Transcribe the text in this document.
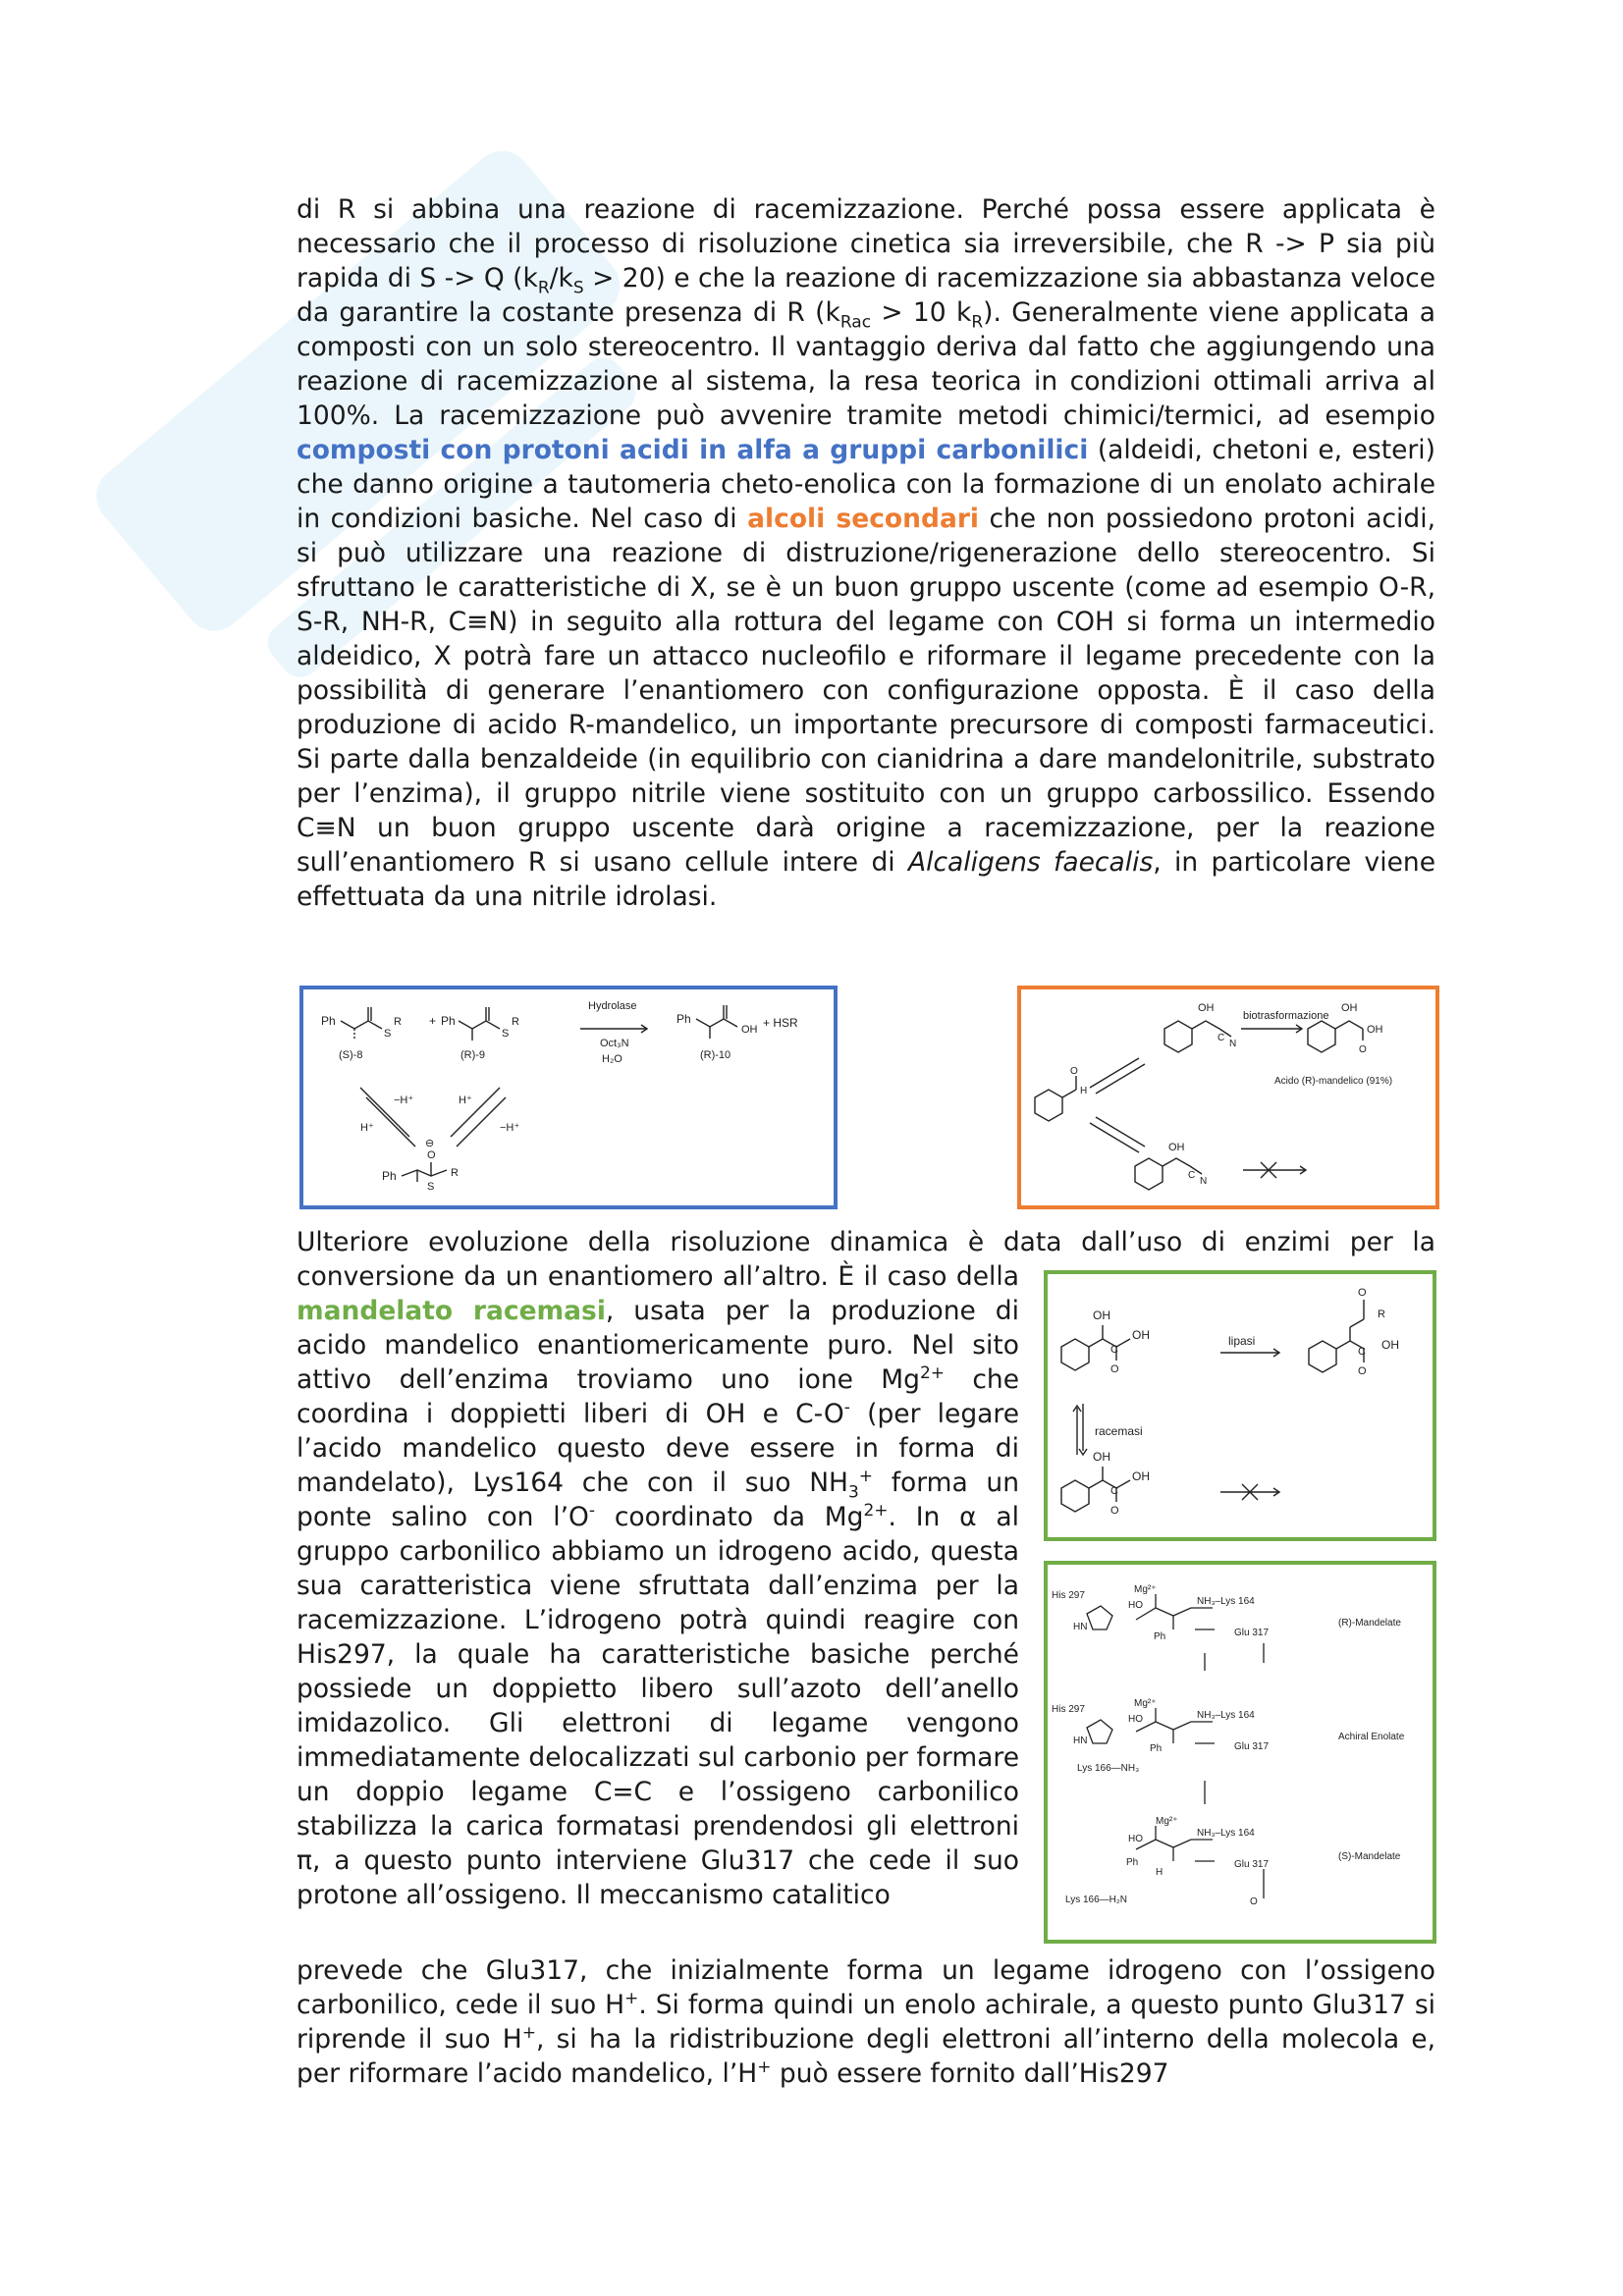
di R si abbina una reazione di racemizzazione. Perché possa essere applicata è necessario che il processo di risoluzione cinetica sia irreversibile, che R -> P sia più rapida di S -> Q $(k_R/k_S > 20)$ e che la reazione di racemizzazione sia abbastanza veloce da garantire la costante presenza di R ($k_{Rac} > 10$ $k_R$). Generalmente viene applicata a composti con un solo stereocentro. Il vantaggio deriva dal fatto che aggiungendo una reazione di racemizzazione al sistema, la resa teorica in condizioni ottimali arriva al 100%. La racemizzazione può avvenire tramite metodi chimici/termici, ad esempio composti con protoni acidi in alfa a gruppi carbonilici (aldeidi, chetoni e, esteri) che danno origine a tautomeria cheto-enolica con la formazione di un enolato achirale in condizioni basiche. Nel caso di alcoli secondari che non possiedono protoni acidi, si può utilizzare una reazione di distruzione/rigenerazione dello stereocentro. Si sfruttano le caratteristiche di X, se è un buon gruppo uscente (come ad esempio O-R, S-R, NH-R, C≡N) in seguito alla rottura del legame con COH si forma un intermedio aldeidico, X potrà fare un attacco nucleofilo e riformare il legame precedente con la possibilità di generare l’enantiomero con configurazione opposta. È il caso della produzione di acido R-mandelico, un importante precursore di composti farmaceutici. Si parte dalla benzaldeide (in equilibrio con cianidrina a dare mandelonitrile, substrato per l’enzima), il gruppo nitrile viene sostituito con un gruppo carbossilico. Essendo C≡N un buon gruppo uscente darà origine a racemizzazione, per la reazione sull’enantiomero R si usano cellule intere di Alcaligens faecalis, in particolare viene effettuata da una nitrile idrolasi.

Ph
S
R
(S)-8
+ Ph
S
R
(R)-9
Hydrolase
Oct₃N
H₂O
Ph
OH
(R)-10
+ HSR
−H⁺
H⁺
H⁺
−H⁺
Ph
S
R
O
⊖
OH
biotrasformazione
C
N
OH
OH
O
Acido (R)-mandelico (91%)
O
H
OH
C
N
Ulteriore evoluzione della risoluzione dinamica è data dall’uso di enzimi per la
conversione da un enantiomero all’altro. È il caso della mandelato racemasi, usata per la produzione di acido mandelico enantiomericamente puro. Nel sito attivo dell’enzima troviamo uno ione $Mg^{2+}$ che coordina i doppietti liberi di OH e C-O- (per legare l’acido mandelico questo deve essere in forma di mandelato), Lys164 che con il suo $NH_3^+$ forma un ponte salino con l’O- coordinato da $Mg^{2+}$. In α al gruppo carbonilico abbiamo un idrogeno acido, questa sua caratteristica viene sfruttata dall’enzima per la racemizzazione. L’idrogeno potrà quindi reagire con His297, la quale ha caratteristiche basiche perché possiede un doppietto libero sull’azoto dell’anello imidazolico. Gli elettroni di legame vengono immediatamente delocalizzati sul carbonio per formare un doppio legame C=C e l’ossigeno carbonilico stabilizza la carica formatasi prendendosi gli elettroni π, a questo punto interviene Glu317 che cede il suo protone all’ossigeno. Il meccanismo catalitico
OH
OH
C
O
lipasi
O
R
OH
C
O
racemasi
OH
OH
C
O
His 297
HN
Mg²⁺
HO	NH₃–Lys 164
Glu 317
Ph
(R)-Mandelate
His 297
HN
Mg²⁺
HO	NH₃–Lys 164
Glu 317
Ph
Achiral Enolate
Lys 166—NH₃
Mg²⁺
HO
NH₃–Lys 164
Glu 317
Ph
H
(S)-Mandelate
Lys 166—H₂N	O

prevede che Glu317, che inizialmente forma un legame idrogeno con l’ossigeno carbonilico, cede il suo H+. Si forma quindi un enolo achirale, a questo punto Glu317 si riprende il suo H+, si ha la ridistribuzione degli elettroni all’interno della molecola e, per riformare l’acido mandelico, l’H+ può essere fornito dall’His297
